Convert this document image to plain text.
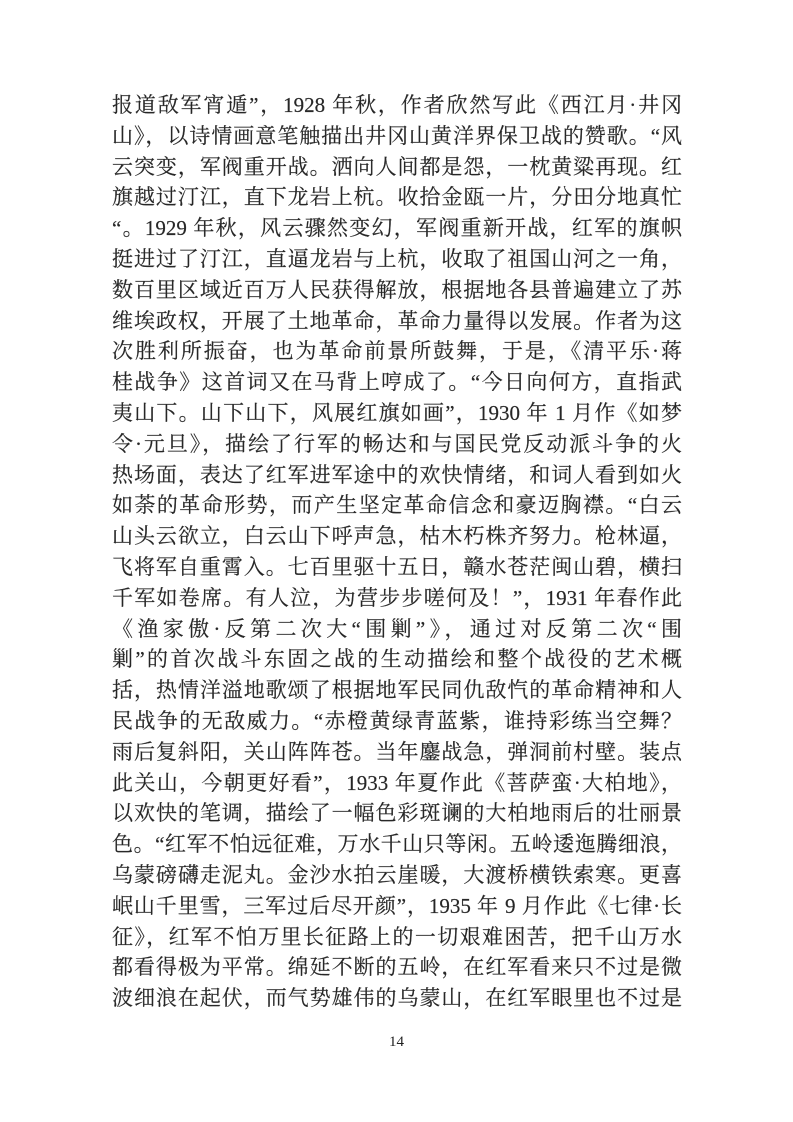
报道敌军宵遁”，1928 年秋，作者欣然写此《西江月·井冈
山》，以诗情画意笔触描出井冈山黄洋界保卫战的赞歌。“风
云突变，军阀重开战。洒向人间都是怨，一枕黄粱再现。红
旗越过汀江，直下龙岩上杭。收拾金瓯一片，分田分地真忙
“。1929 年秋，风云骤然变幻，军阀重新开战，红军的旗帜
挺进过了汀江，直逼龙岩与上杭，收取了祖国山河之一角，
数百里区域近百万人民获得解放，根据地各县普遍建立了苏
维埃政权，开展了土地革命，革命力量得以发展。作者为这
次胜利所振奋，也为革命前景所鼓舞，于是，《清平乐·蒋
桂战争》这首词又在马背上哼成了。“今日向何方，直指武
夷山下。山下山下，风展红旗如画”，1930 年 1 月作《如梦
令·元旦》，描绘了行军的畅达和与国民党反动派斗争的火
热场面，表达了红军进军途中的欢快情绪，和词人看到如火
如荼的革命形势，而产生坚定革命信念和豪迈胸襟。“白云
山头云欲立，白云山下呼声急，枯木朽株齐努力。枪林逼，
飞将军自重霄入。七百里驱十五日，赣水苍茫闽山碧，横扫
千军如卷席。有人泣，为营步步嗟何及！”，1931 年春作此
《渔家傲·反第二次大“围剿”》，通过对反第二次“围
剿”的首次战斗东固之战的生动描绘和整个战役的艺术概
括，热情洋溢地歌颂了根据地军民同仇敌忾的革命精神和人
民战争的无敌威力。“赤橙黄绿青蓝紫，谁持彩练当空舞？
雨后复斜阳，关山阵阵苍。当年鏖战急，弹洞前村壁。装点
此关山，今朝更好看”，1933 年夏作此《菩萨蛮·大柏地》，
以欢快的笔调，描绘了一幅色彩斑谰的大柏地雨后的壮丽景
色。“红军不怕远征难，万水千山只等闲。五岭逶迤腾细浪，
乌蒙磅礴走泥丸。金沙水拍云崖暖，大渡桥横铁索寒。更喜
岷山千里雪，三军过后尽开颜”，1935 年 9 月作此《七律·长
征》，红军不怕万里长征路上的一切艰难困苦，把千山万水
都看得极为平常。绵延不断的五岭，在红军看来只不过是微
波细浪在起伏，而气势雄伟的乌蒙山，在红军眼里也不过是
14
